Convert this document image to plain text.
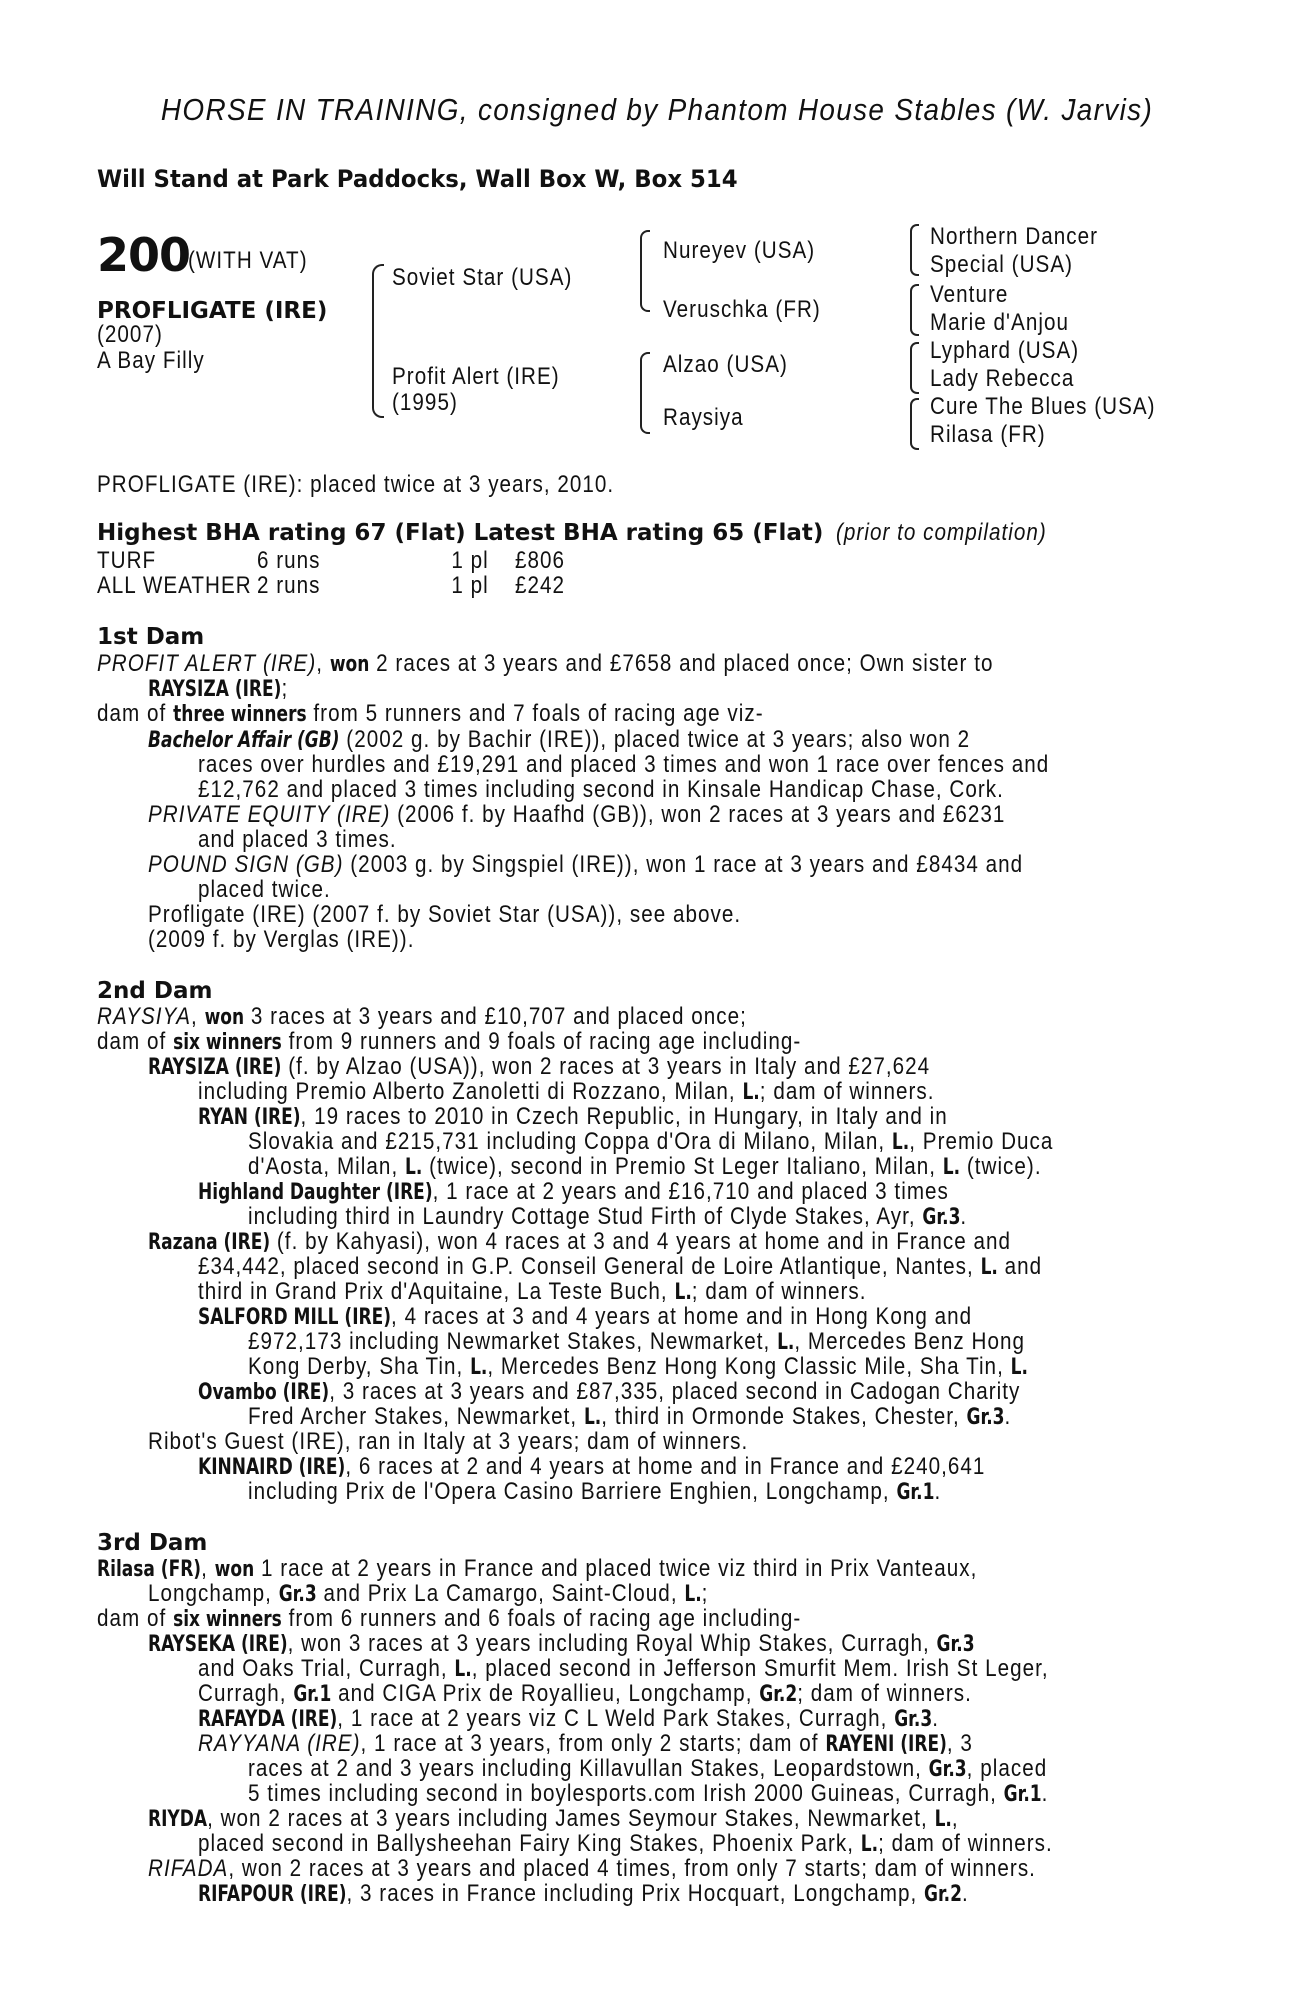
HORSE IN TRAINING, consigned by Phantom House Stables (W. Jarvis)
Will Stand at Park Paddocks, Wall Box W, Box 514
200
(WITH VAT)
PROFLIGATE (IRE)
(2007)
A Bay Filly
Soviet Star (USA)
Profit Alert (IRE)
(1995)
Nureyev (USA)
Veruschka (FR)
Alzao (USA)
Raysiya
Northern Dancer
Special (USA)
Venture
Marie d'Anjou
Lyphard (USA)
Lady Rebecca
Cure The Blues (USA)
Rilasa (FR)
PROFLIGATE (IRE): placed twice at 3 years, 2010.
Highest BHA rating 67 (Flat) Latest BHA rating 65 (Flat) (prior to compilation)
TURF	6 runs	1 pl £806
ALL WEATHER 2 runs	1 pl £242
1st Dam
PROFIT ALERT (IRE), won 2 races at 3 years and £7658 and placed once; Own sister to
RAYSIZA (IRE);
dam of three winners from 5 runners and 7 foals of racing age viz-
Bachelor Affair (GB) (2002 g. by Bachir (IRE)), placed twice at 3 years; also won 2
races over hurdles and £19,291 and placed 3 times and won 1 race over fences and
£12,762 and placed 3 times including second in Kinsale Handicap Chase, Cork.
PRIVATE EQUITY (IRE) (2006 f. by Haafhd (GB)), won 2 races at 3 years and £6231
and placed 3 times.
POUND SIGN (GB) (2003 g. by Singspiel (IRE)), won 1 race at 3 years and £8434 and
placed twice.
Profligate (IRE) (2007 f. by Soviet Star (USA)), see above.
(2009 f. by Verglas (IRE)).
2nd Dam
RAYSIYA, won 3 races at 3 years and £10,707 and placed once;
dam of six winners from 9 runners and 9 foals of racing age including-
RAYSIZA (IRE) (f. by Alzao (USA)), won 2 races at 3 years in Italy and £27,624
including Premio Alberto Zanoletti di Rozzano, Milan, L.; dam of winners.
RYAN (IRE), 19 races to 2010 in Czech Republic, in Hungary, in Italy and in
Slovakia and £215,731 including Coppa d'Ora di Milano, Milan, L., Premio Duca
d'Aosta, Milan, L. (twice), second in Premio St Leger Italiano, Milan, L. (twice).
Highland Daughter (IRE), 1 race at 2 years and £16,710 and placed 3 times
including third in Laundry Cottage Stud Firth of Clyde Stakes, Ayr, Gr.3.
Razana (IRE) (f. by Kahyasi), won 4 races at 3 and 4 years at home and in France and
£34,442, placed second in G.P. Conseil General de Loire Atlantique, Nantes, L. and
third in Grand Prix d'Aquitaine, La Teste Buch, L.; dam of winners.
SALFORD MILL (IRE), 4 races at 3 and 4 years at home and in Hong Kong and
£972,173 including Newmarket Stakes, Newmarket, L., Mercedes Benz Hong
Kong Derby, Sha Tin, L., Mercedes Benz Hong Kong Classic Mile, Sha Tin, L.
Ovambo (IRE), 3 races at 3 years and £87,335, placed second in Cadogan Charity
Fred Archer Stakes, Newmarket, L., third in Ormonde Stakes, Chester, Gr.3.
Ribot's Guest (IRE), ran in Italy at 3 years; dam of winners.
KINNAIRD (IRE), 6 races at 2 and 4 years at home and in France and £240,641
including Prix de l'Opera Casino Barriere Enghien, Longchamp, Gr.1.
3rd Dam
Rilasa (FR), won 1 race at 2 years in France and placed twice viz third in Prix Vanteaux,
Longchamp, Gr.3 and Prix La Camargo, Saint-Cloud, L.;
dam of six winners from 6 runners and 6 foals of racing age including-
RAYSEKA (IRE), won 3 races at 3 years including Royal Whip Stakes, Curragh, Gr.3
and Oaks Trial, Curragh, L., placed second in Jefferson Smurfit Mem. Irish St Leger,
Curragh, Gr.1 and CIGA Prix de Royallieu, Longchamp, Gr.2; dam of winners.
RAFAYDA (IRE), 1 race at 2 years viz C L Weld Park Stakes, Curragh, Gr.3.
RAYYANA (IRE), 1 race at 3 years, from only 2 starts; dam of RAYENI (IRE), 3
races at 2 and 3 years including Killavullan Stakes, Leopardstown, Gr.3, placed
5 times including second in boylesports.com Irish 2000 Guineas, Curragh, Gr.1.
RIYDA, won 2 races at 3 years including James Seymour Stakes, Newmarket, L.,
placed second in Ballysheehan Fairy King Stakes, Phoenix Park, L.; dam of winners.
RIFADA, won 2 races at 3 years and placed 4 times, from only 7 starts; dam of winners.
RIFAPOUR (IRE), 3 races in France including Prix Hocquart, Longchamp, Gr.2.
